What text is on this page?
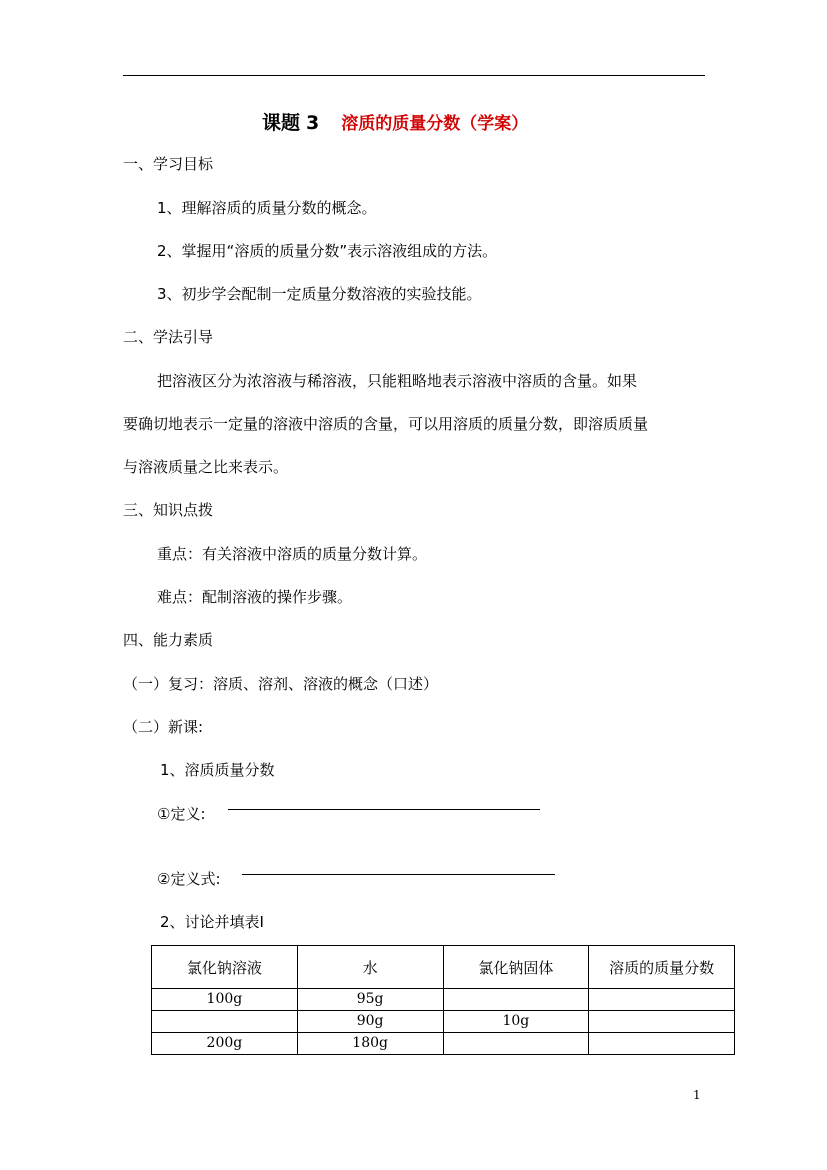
课题 3 溶质的质量分数（学案）
一、学习目标
1、理解溶质的质量分数的概念。
2、掌握用“溶质的质量分数”表示溶液组成的方法。
3、初步学会配制一定质量分数溶液的实验技能。
二、学法引导
把溶液区分为浓溶液与稀溶液，只能粗略地表示溶液中溶质的含量。如果
要确切地表示一定量的溶液中溶质的含量，可以用溶质的质量分数，即溶质质量
与溶液质量之比来表示。
三、知识点拨
重点：有关溶液中溶质的质量分数计算。
难点：配制溶液的操作步骤。
四、能力素质
（一）复习：溶质、溶剂、溶液的概念（口述）
（二）新课:
1、溶质质量分数
①定义:
②定义式:
2、讨论并填表Ⅰ
氯化钠溶液	水	氯化钠固体	溶质的质量分数
100g	95g		
	90g	10g	
200g	180g		
1
